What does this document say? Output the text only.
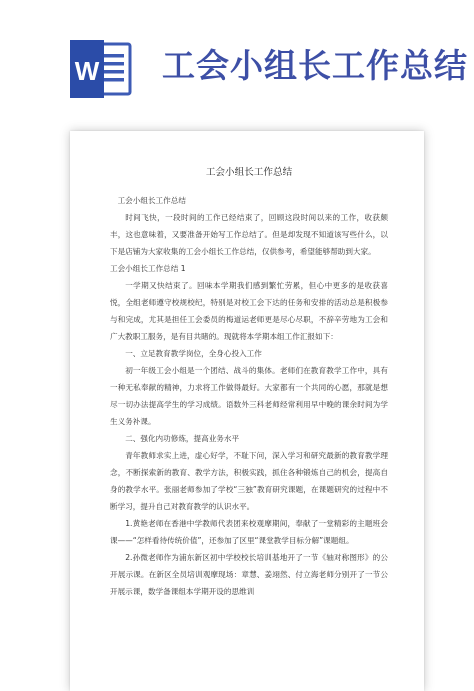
W 工会小组长工作总结
工会小组长工作总结

工会小组长工作总结

时间飞快，一段时间的工作已经结束了，回顾这段时间以来的工作，收获颇丰，这也意味着，又要准备开始写工作总结了。但是却发现不知道该写些什么，以下是店铺为大家收集的工会小组长工作总结，仅供参考，希望能够帮助到大家。

工会小组长工作总结 1

一学期又快结束了。回味本学期我们感到繁忙劳累，但心中更多的是收获喜悦，全组老师遵守校规校纪，特别是对校工会下达的任务和安排的活动总是积极参与和完成，尤其是担任工会委员的梅道运老师更是尽心尽职，不辞辛劳地为工会和广大教职工服务，是有目共睹的。现就将本学期本组工作汇报如下：

一、立足教育教学岗位，全身心投入工作

初一年级工会小组是一个团结、战斗的集体。老师们在教育教学工作中，具有一种无私奉献的精神，力求将工作做得最好。大家都有一个共同的心愿，那就是想尽一切办法提高学生的学习成绩。语数外三科老师经常利用早中晚的课余时间为学生义务补课。

二、强化内功修炼，提高业务水平

青年教师求实上进，虚心好学，不耻下问，深入学习和研究最新的教育教学理念，不断探索新的教育、教学方法，积极实践，抓住各种锻炼自己的机会，提高自身的教学水平。张丽老师参加了学校“三独”教育研究课题，在课题研究的过程中不断学习，提升自己对教育教学的认识水平。

1.黄艳老师在香港中学教师代表团来校观摩期间，奉献了一堂精彩的主题班会课——“怎样看待传统价值”，还参加了区里“课堂教学目标分解”课题组。

2.孙微老师作为浦东新区初中学校校长培训基地开了一节《轴对称图形》的公开展示课。在新区全员培训观摩现场：章慧、姜翊然、付立海老师分别开了一节公开展示课，数学备课组本学期开设的思维训
